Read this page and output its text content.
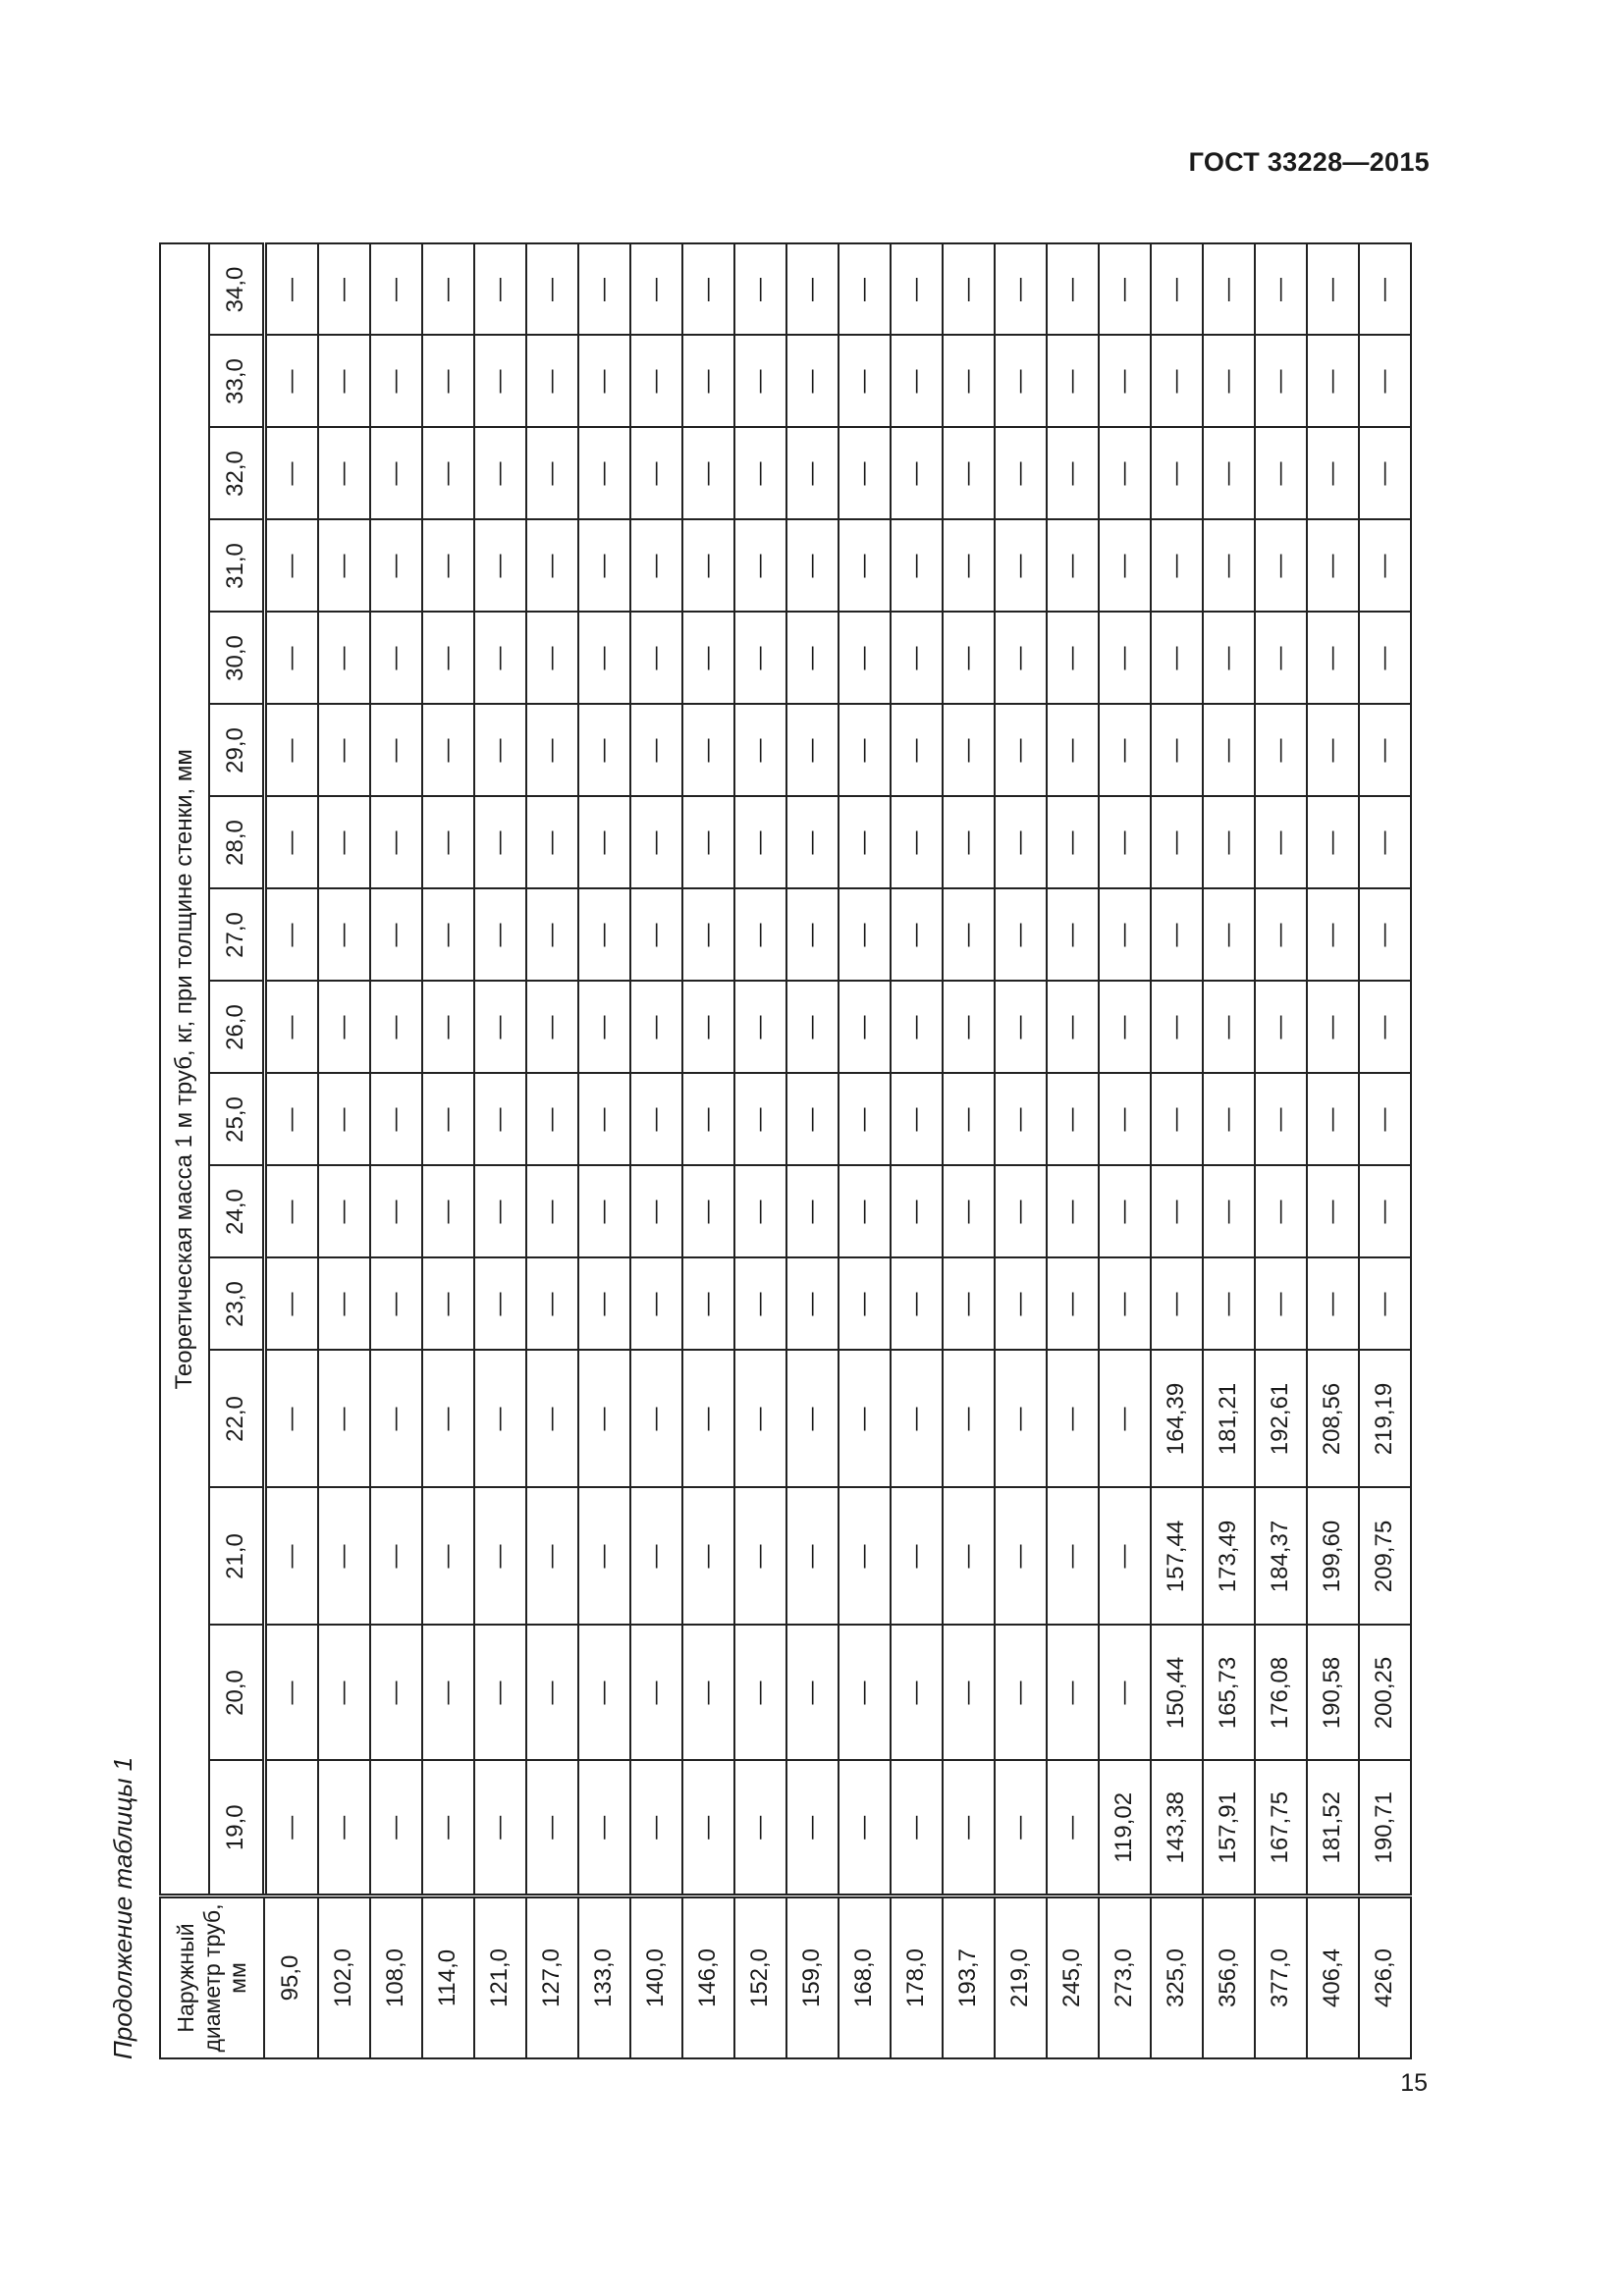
ГОСТ 33228—2015
Продолжение таблицы 1 Наружный диаметр труб, мм	Теоретическая масса 1 м труб, кг, при толщине стенки, мм															
	19,0	20,0	21,0	22,0	23,0	24,0	25,0	26,0	27,0	28,0	29,0	30,0	31,0	32,0	33,0	34,0
95,0	—	—	—	—	—	—	—	—	—	—	—	—	—	—	—	—
102,0	—	—	—	—	—	—	—	—	—	—	—	—	—	—	—	—
108,0	—	—	—	—	—	—	—	—	—	—	—	—	—	—	—	—
114,0	—	—	—	—	—	—	—	—	—	—	—	—	—	—	—	—
121,0	—	—	—	—	—	—	—	—	—	—	—	—	—	—	—	—
127,0	—	—	—	—	—	—	—	—	—	—	—	—	—	—	—	—
133,0	—	—	—	—	—	—	—	—	—	—	—	—	—	—	—	—
140,0	—	—	—	—	—	—	—	—	—	—	—	—	—	—	—	—
146,0	—	—	—	—	—	—	—	—	—	—	—	—	—	—	—	—
152,0	—	—	—	—	—	—	—	—	—	—	—	—	—	—	—	—
159,0	—	—	—	—	—	—	—	—	—	—	—	—	—	—	—	—
168,0	—	—	—	—	—	—	—	—	—	—	—	—	—	—	—	—
178,0	—	—	—	—	—	—	—	—	—	—	—	—	—	—	—	—
193,7	—	—	—	—	—	—	—	—	—	—	—	—	—	—	—	—
219,0	—	—	—	—	—	—	—	—	—	—	—	—	—	—	—	—
245,0	—	—	—	—	—	—	—	—	—	—	—	—	—	—	—	—
273,0	119,02	—	—	—	—	—	—	—	—	—	—	—	—	—	—	—
325,0	143,38	150,44	157,44	164,39	—	—	—	—	—	—	—	—	—	—	—	—
356,0	157,91	165,73	173,49	181,21	—	—	—	—	—	—	—	—	—	—	—	—
377,0	167,75	176,08	184,37	192,61	—	—	—	—	—	—	—	—	—	—	—	—
406,4	181,52	190,58	199,60	208,56	—	—	—	—	—	—	—	—	—	—	—	—
426,0	190,71	200,25	209,75	219,19	—	—	—	—	—	—	—	—	—	—	—	—
15
